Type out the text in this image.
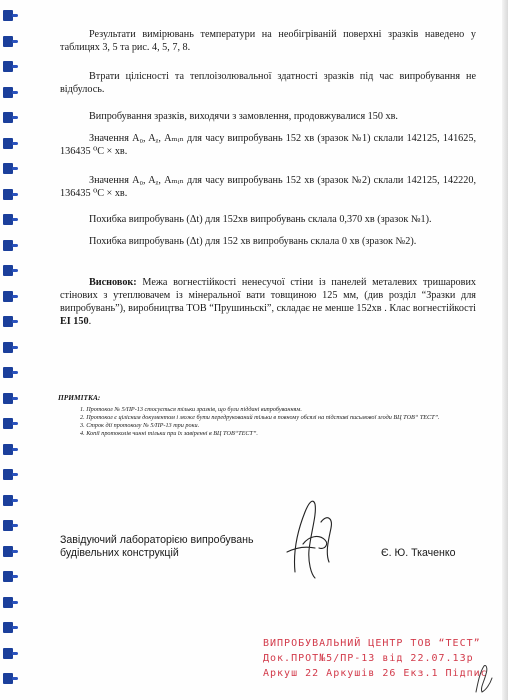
Результати вимірювань температури на необігріваній поверхні зразків наведено у таблицях 3, 5 та рис. 4, 5, 7, 8.
Втрати цілісності та теплоізолювальної здатності зразків під час випробування не відбулось.
Випробування зразків, виходячи з замовлення, продовжувалися 150 хв.
Значення A₀, Aᵪ, Aₘᵢₙ для часу випробувань 152 хв (зразок №1) склали 142125, 141625, 136435 ⁰C × хв.
Значення A₀, Aᵪ, Aₘᵢₙ для часу випробувань 152 хв (зразок №2) склали 142125, 142220, 136435 ⁰C × хв.
Похибка випробувань (Δt) для 152хв випробувань склала 0,370 хв (зразок №1).
Похибка випробувань (Δt) для 152 хв випробувань склала 0 хв (зразок №2).
Висновок: Межа вогнестійкості ненесучої стіни із панелей металевих тришарових стінових з утеплювачем із мінеральної вати товщиною 125 мм, (див розділ “Зразки для випробувань”), виробництва ТОВ “Прушиньскі”, складає не менше 152хв . Клас вогнестійкості EI 150.
ПРИМІТКА:
1. Протокол № 5/ПР-13 стосується тільки зразків, що були піддані випробуванням.
2. Протокол є цілісним документом і може бути передрукований тільки в повному обсязі на підставі письмової згоди ВЦ ТОВ“ ТЕСТ”.
3. Строк дії протоколу № 5/ПР-13 три роки.
4. Копії протоколів чинні тільки при їх завіренні в ВЦ ТОВ“ТЕСТ”.
Завідуючий лабораторією випробувань
будівельних конструкцій	Є. Ю. Ткаченко
ВИПРОБУВАЛЬНИЙ ЦЕНТР ТОВ “ТЕСТ”
Док.ПРОТ№5/ПР-13 від 22.07.13р
Аркуш 22 Аркушів 26 Екз.1 Підпис
